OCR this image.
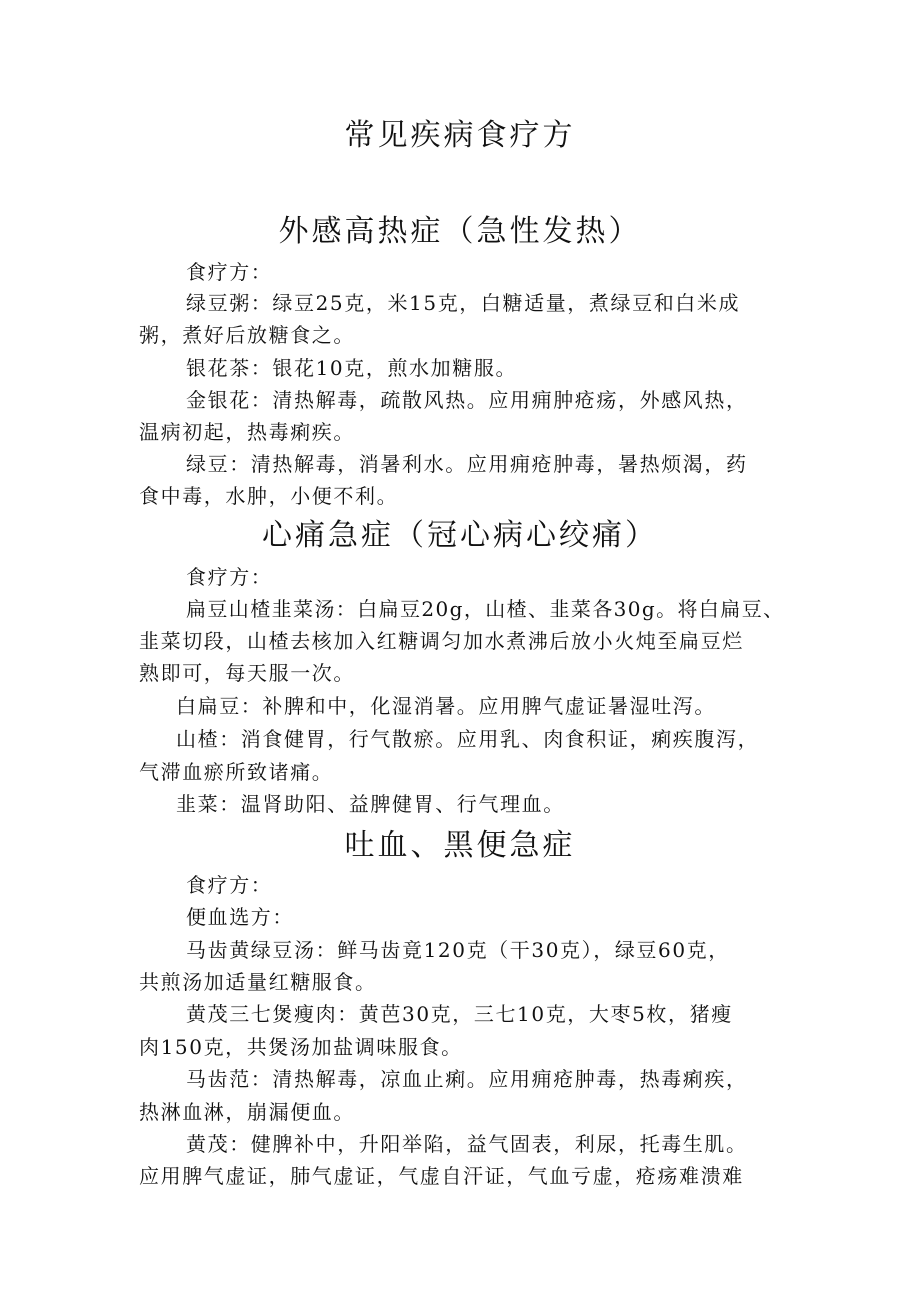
常见疾病食疗方
外感高热症（急性发热）
食疗方：
绿豆粥：绿豆25克，米15克，白糖适量，煮绿豆和白米成
粥，煮好后放糖食之。
银花茶：银花10克，煎水加糖服。
金银花：清热解毒，疏散风热。应用痈肿疮疡，外感风热，
温病初起，热毒痢疾。
绿豆：清热解毒，消暑利水。应用痈疮肿毒，暑热烦渴，药
食中毒，水肿，小便不利。
心痛急症（冠心病心绞痛）
食疗方：
扁豆山楂韭菜汤：白扁豆20g，山楂、韭菜各30g。将白扁豆、
韭菜切段，山楂去核加入红糖调匀加水煮沸后放小火炖至扁豆烂
熟即可，每天服一次。
白扁豆：补脾和中，化湿消暑。应用脾气虚证暑湿吐泻。
山楂：消食健胃，行气散瘀。应用乳、肉食积证，痢疾腹泻，
气滞血瘀所致诸痛。
韭菜：温肾助阳、益脾健胃、行气理血。
吐血、黑便急症
食疗方：
便血选方：
马齿黄绿豆汤：鲜马齿竟120克（干30克），绿豆60克，
共煎汤加适量红糖服食。
黄茂三七煲瘦肉：黄芭30克，三七10克，大枣5枚，猪瘦
肉150克，共煲汤加盐调味服食。
马齿范：清热解毒，凉血止痢。应用痈疮肿毒，热毒痢疾，
热淋血淋，崩漏便血。
黄茂：健脾补中，升阳举陷，益气固表，利尿，托毒生肌。
应用脾气虚证，肺气虚证，气虚自汗证，气血亏虚，疮疡难溃难
